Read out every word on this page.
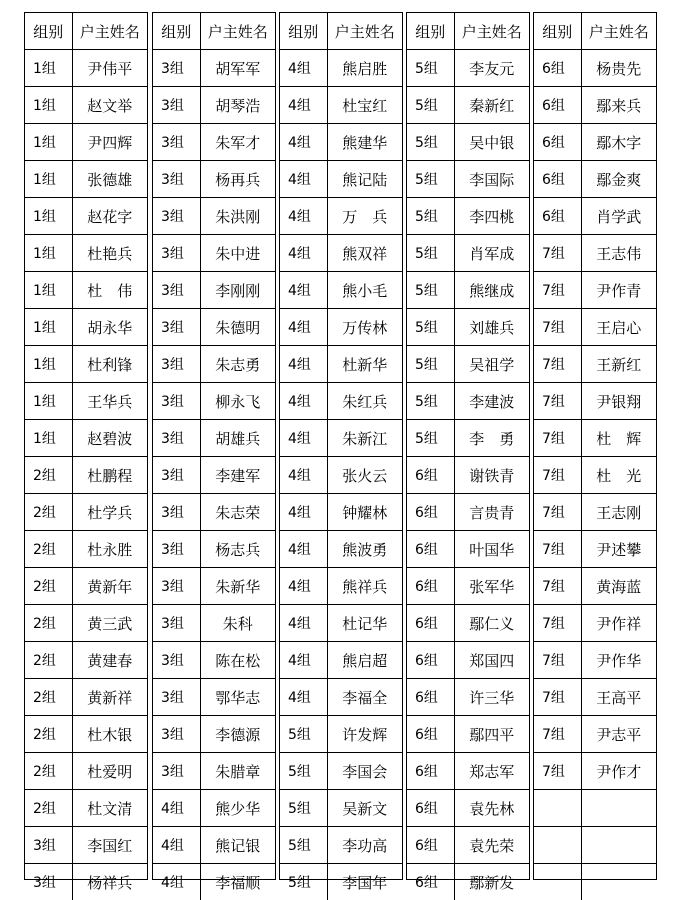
组别	户主姓名
1组	尹伟平
1组	赵文举
1组	尹四辉
1组	张德雄
1组	赵花字
1组	杜艳兵
1组	杜　伟
1组	胡永华
1组	杜利锋
1组	王华兵
1组	赵碧波
2组	杜鹏程
2组	杜学兵
2组	杜永胜
2组	黄新年
2组	黄三武
2组	黄建春
2组	黄新祥
2组	杜木银
2组	杜爱明
2组	杜文清
3组	李国红
3组	杨祥兵
组别	户主姓名
3组	胡军军
3组	胡琴浩
3组	朱军才
3组	杨再兵
3组	朱洪刚
3组	朱中进
3组	李刚刚
3组	朱德明
3组	朱志勇
3组	柳永飞
3组	胡雄兵
3组	李建军
3组	朱志荣
3组	杨志兵
3组	朱新华
3组	朱科
3组	陈在松
3组	鄂华志
3组	李德源
3组	朱腊章
4组	熊少华
4组	熊记银
4组	李福顺
组别	户主姓名
4组	熊启胜
4组	杜宝红
4组	熊建华
4组	熊记陆
4组	万　兵
4组	熊双祥
4组	熊小毛
4组	万传林
4组	杜新华
4组	朱红兵
4组	朱新江
4组	张火云
4组	钟耀林
4组	熊波勇
4组	熊祥兵
4组	杜记华
4组	熊启超
4组	李福全
5组	许发辉
5组	李国会
5组	吴新文
5组	李功高
5组	李国年
组别	户主姓名
5组	李友元
5组	秦新红
5组	吴中银
5组	李国际
5组	李四桃
5组	肖军成
5组	熊继成
5组	刘雄兵
5组	吴祖学
5组	李建波
5组	李　勇
6组	谢铁青
6组	言贵青
6组	叶国华
6组	张军华
6组	鄢仁义
6组	郑国四
6组	许三华
6组	鄢四平
6组	郑志军
6组	袁先林
6组	袁先荣
6组	鄢新发
组别	户主姓名
6组	杨贵先
6组	鄢来兵
6组	鄢木字
6组	鄢金爽
6组	肖学武
7组	王志伟
7组	尹作青
7组	王启心
7组	王新红
7组	尹银翔
7组	杜　辉
7组	杜　光
7组	王志刚
7组	尹述攀
7组	黄海蓝
7组	尹作祥
7组	尹作华
7组	王高平
7组	尹志平
7组	尹作才
